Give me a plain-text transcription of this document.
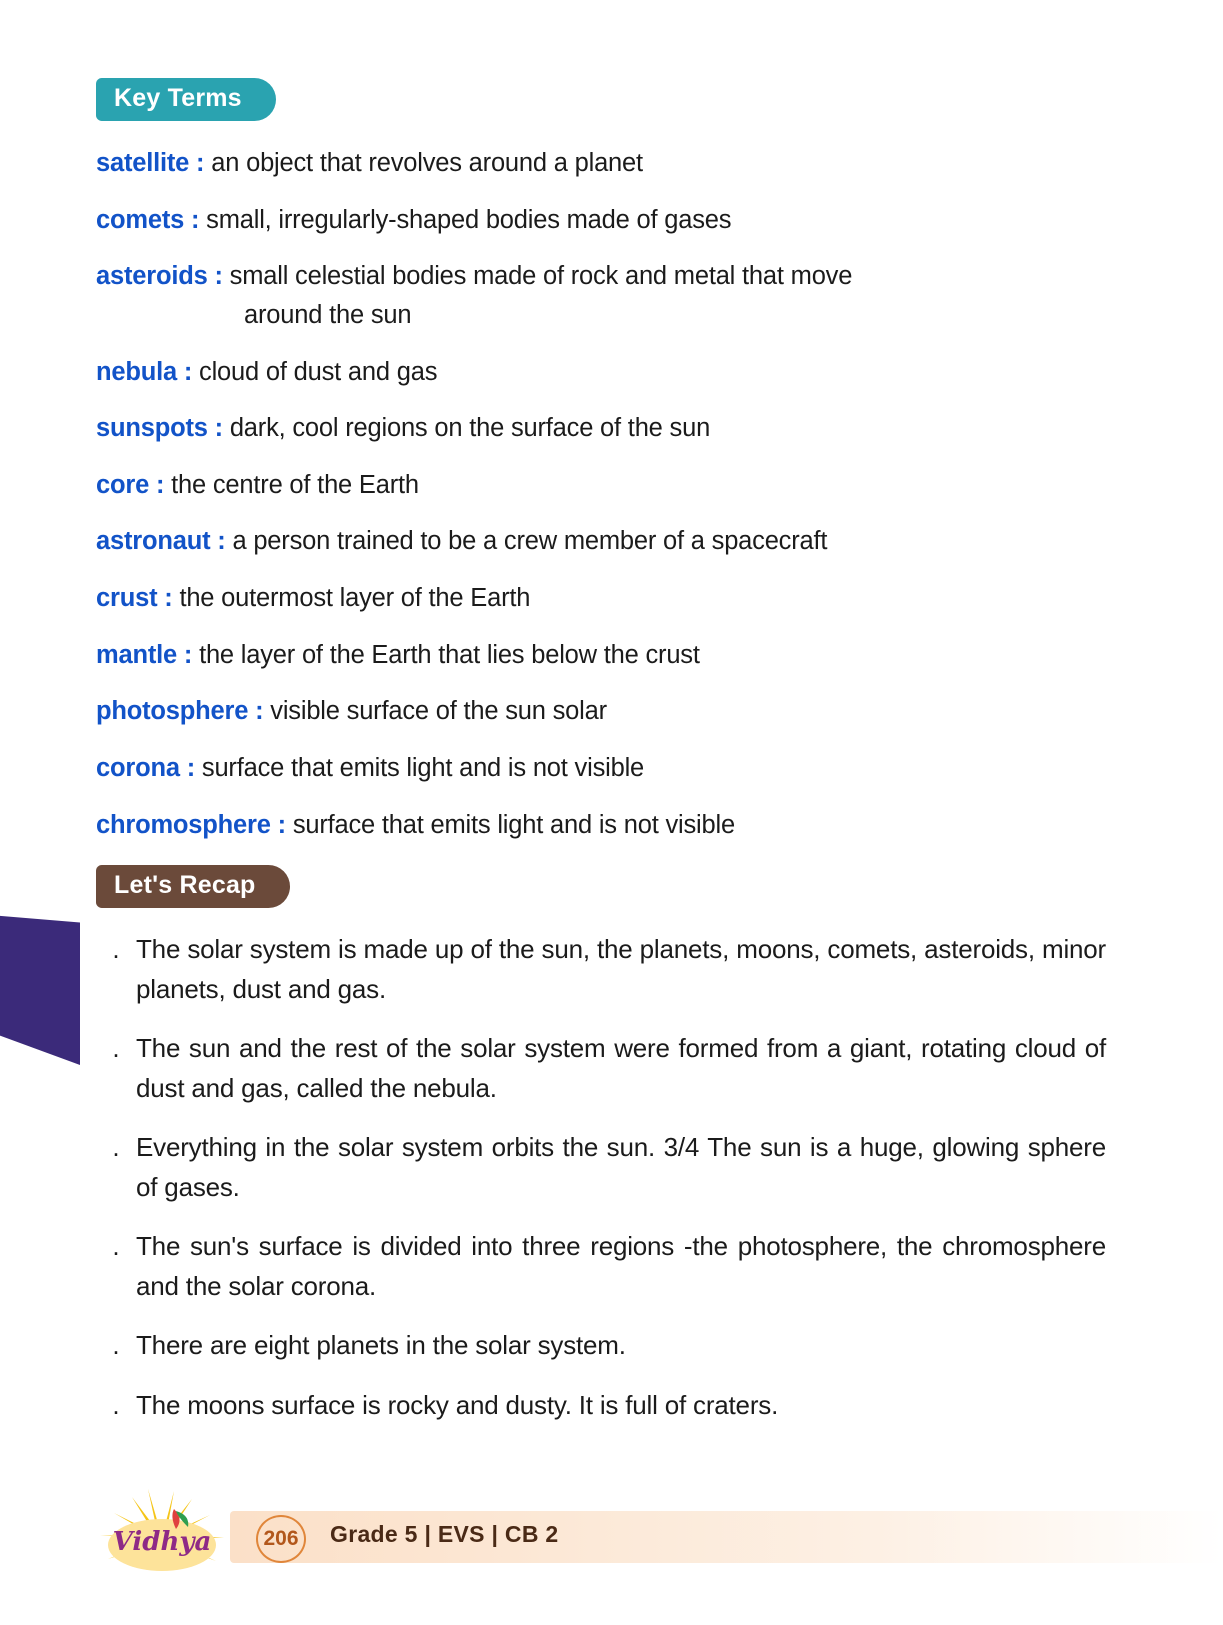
Key Terms
satellite : an object that revolves around a planet
comets : small, irregularly-shaped bodies made of gases
asteroids : small celestial bodies made of rock and metal that move
around the sun
nebula : cloud of dust and gas
sunspots : dark, cool regions on the surface of the sun
core : the centre of the Earth
astronaut : a person trained to be a crew member of a spacecraft
crust : the outermost layer of the Earth
mantle : the layer of the Earth that lies below the crust
photosphere : visible surface of the sun solar
corona : surface that emits light and is not visible
chromosphere : surface that emits light and is not visible
Let's Recap
. The solar system is made up of the sun, the planets, moons, comets, asteroids, minor planets, dust and gas.
. The sun and the rest of the solar system were formed from a giant, rotating cloud of dust and gas, called the nebula.
. Everything in the solar system orbits the sun. 3/4 The sun is a huge, glowing sphere of gases.
. The sun's surface is divided into three regions -the photosphere, the chromosphere and the solar corona.
. There are eight planets in the solar system.
. The moons surface is rocky and dusty. It is full of craters.
Vidhya	206	Grade 5 | EVS | CB 2
